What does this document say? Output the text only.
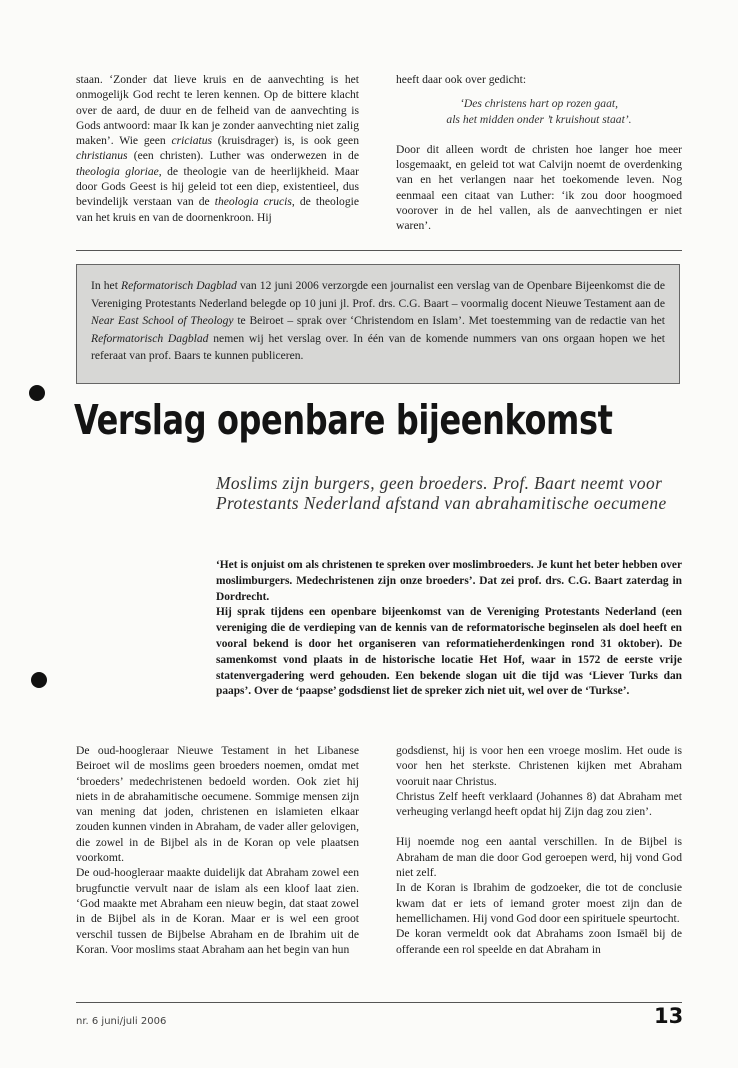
staan. ‘Zonder dat lieve kruis en de aanvechting is het onmogelijk God recht te leren kennen. Op de bittere klacht over de aard, de duur en de felheid van de aanvechting is Gods antwoord: maar Ik kan je zonder aanvechting niet zalig maken’. Wie geen criciatus (kruisdrager) is, is ook geen christianus (een christen). Luther was onderwezen in de theologia gloriae, de theologie van de heerlijkheid. Maar door Gods Geest is hij geleid tot een diep, existentieel, dus bevindelijk verstaan van de theologia crucis, de theologie van het kruis en van de doornenkroon. Hij

heeft daar ook over gedicht:

‘Des christens hart op rozen gaat,
als het midden onder ’t kruishout staat’.

Door dit alleen wordt de christen hoe langer hoe meer losgemaakt, en geleid tot wat Calvijn noemt de overdenking van en het verlangen naar het toekomende leven. Nog eenmaal een citaat van Luther: ‘ik zou door hoogmoed voorover in de hel vallen, als de aanvechtingen er niet waren’.

In het Reformatorisch Dagblad van 12 juni 2006 verzorgde een journalist een verslag van de Openbare Bijeenkomst die de Vereniging Protestants Nederland belegde op 10 juni jl. Prof. drs. C.G. Baart – voormalig docent Nieuwe Testament aan de Near East School of Theology te Beiroet – sprak over ‘Christendom en Islam’. Met toestemming van de redactie van het Reformatorisch Dagblad nemen wij het verslag over. In één van de komende nummers van ons orgaan hopen we het referaat van prof. Baars te kunnen publiceren.
Verslag openbare bijeenkomst
Moslims zijn burgers, geen broeders. Prof. Baart neemt voor Protestants Nederland afstand van abrahamitische oecumene

‘Het is onjuist om als christenen te spreken over moslimbroeders. Je kunt het beter hebben over moslimburgers. Medechristenen zijn onze broeders’. Dat zei prof. drs. C.G. Baart zaterdag in Dordrecht.

Hij sprak tijdens een openbare bijeenkomst van de Vereniging Protestants Nederland (een vereniging die de verdieping van de kennis van de reformatorische beginselen als doel heeft en vooral bekend is door het organiseren van reformatieherdenkingen rond 31 oktober). De samenkomst vond plaats in de historische locatie Het Hof, waar in 1572 de eerste vrije statenvergadering werd gehouden. Een bekende slogan uit die tijd was ‘Liever Turks dan paaps’. Over de ‘paapse’ godsdienst liet de spreker zich niet uit, wel over de ‘Turkse’.

De oud-hoogleraar Nieuwe Testament in het Libanese Beiroet wil de moslims geen broeders noemen, omdat met ‘broeders’ medechristenen bedoeld worden. Ook ziet hij niets in de abrahamitische oecumene. Sommige mensen zijn van mening dat joden, christenen en islamieten elkaar zouden kunnen vinden in Abraham, de vader aller gelovigen, die zowel in de Bijbel als in de Koran op vele plaatsen voorkomt.

De oud-hoogleraar maakte duidelijk dat Abraham zowel een brugfunctie vervult naar de islam als een kloof laat zien. ‘God maakte met Abraham een nieuw begin, dat staat zowel in de Bijbel als in de Koran. Maar er is wel een groot verschil tussen de Bijbelse Abraham en de Ibrahim uit de Koran. Voor moslims staat Abraham aan het begin van hun

godsdienst, hij is voor hen een vroege moslim. Het oude is voor hen het sterkste. Christenen kijken met Abraham vooruit naar Christus.

Christus Zelf heeft verklaard (Johannes 8) dat Abraham met verheuging verlangd heeft opdat hij Zijn dag zou zien’.

Hij noemde nog een aantal verschillen. In de Bijbel is Abraham de man die door God geroepen werd, hij vond God niet zelf.

In de Koran is Ibrahim de godzoeker, die tot de conclusie kwam dat er iets of iemand groter moest zijn dan de hemellichamen. Hij vond God door een spirituele speurtocht.

De koran vermeldt ook dat Abrahams zoon Ismaël bij de offerande een rol speelde en dat Abraham in

nr. 6 juni/juli 2006	13
